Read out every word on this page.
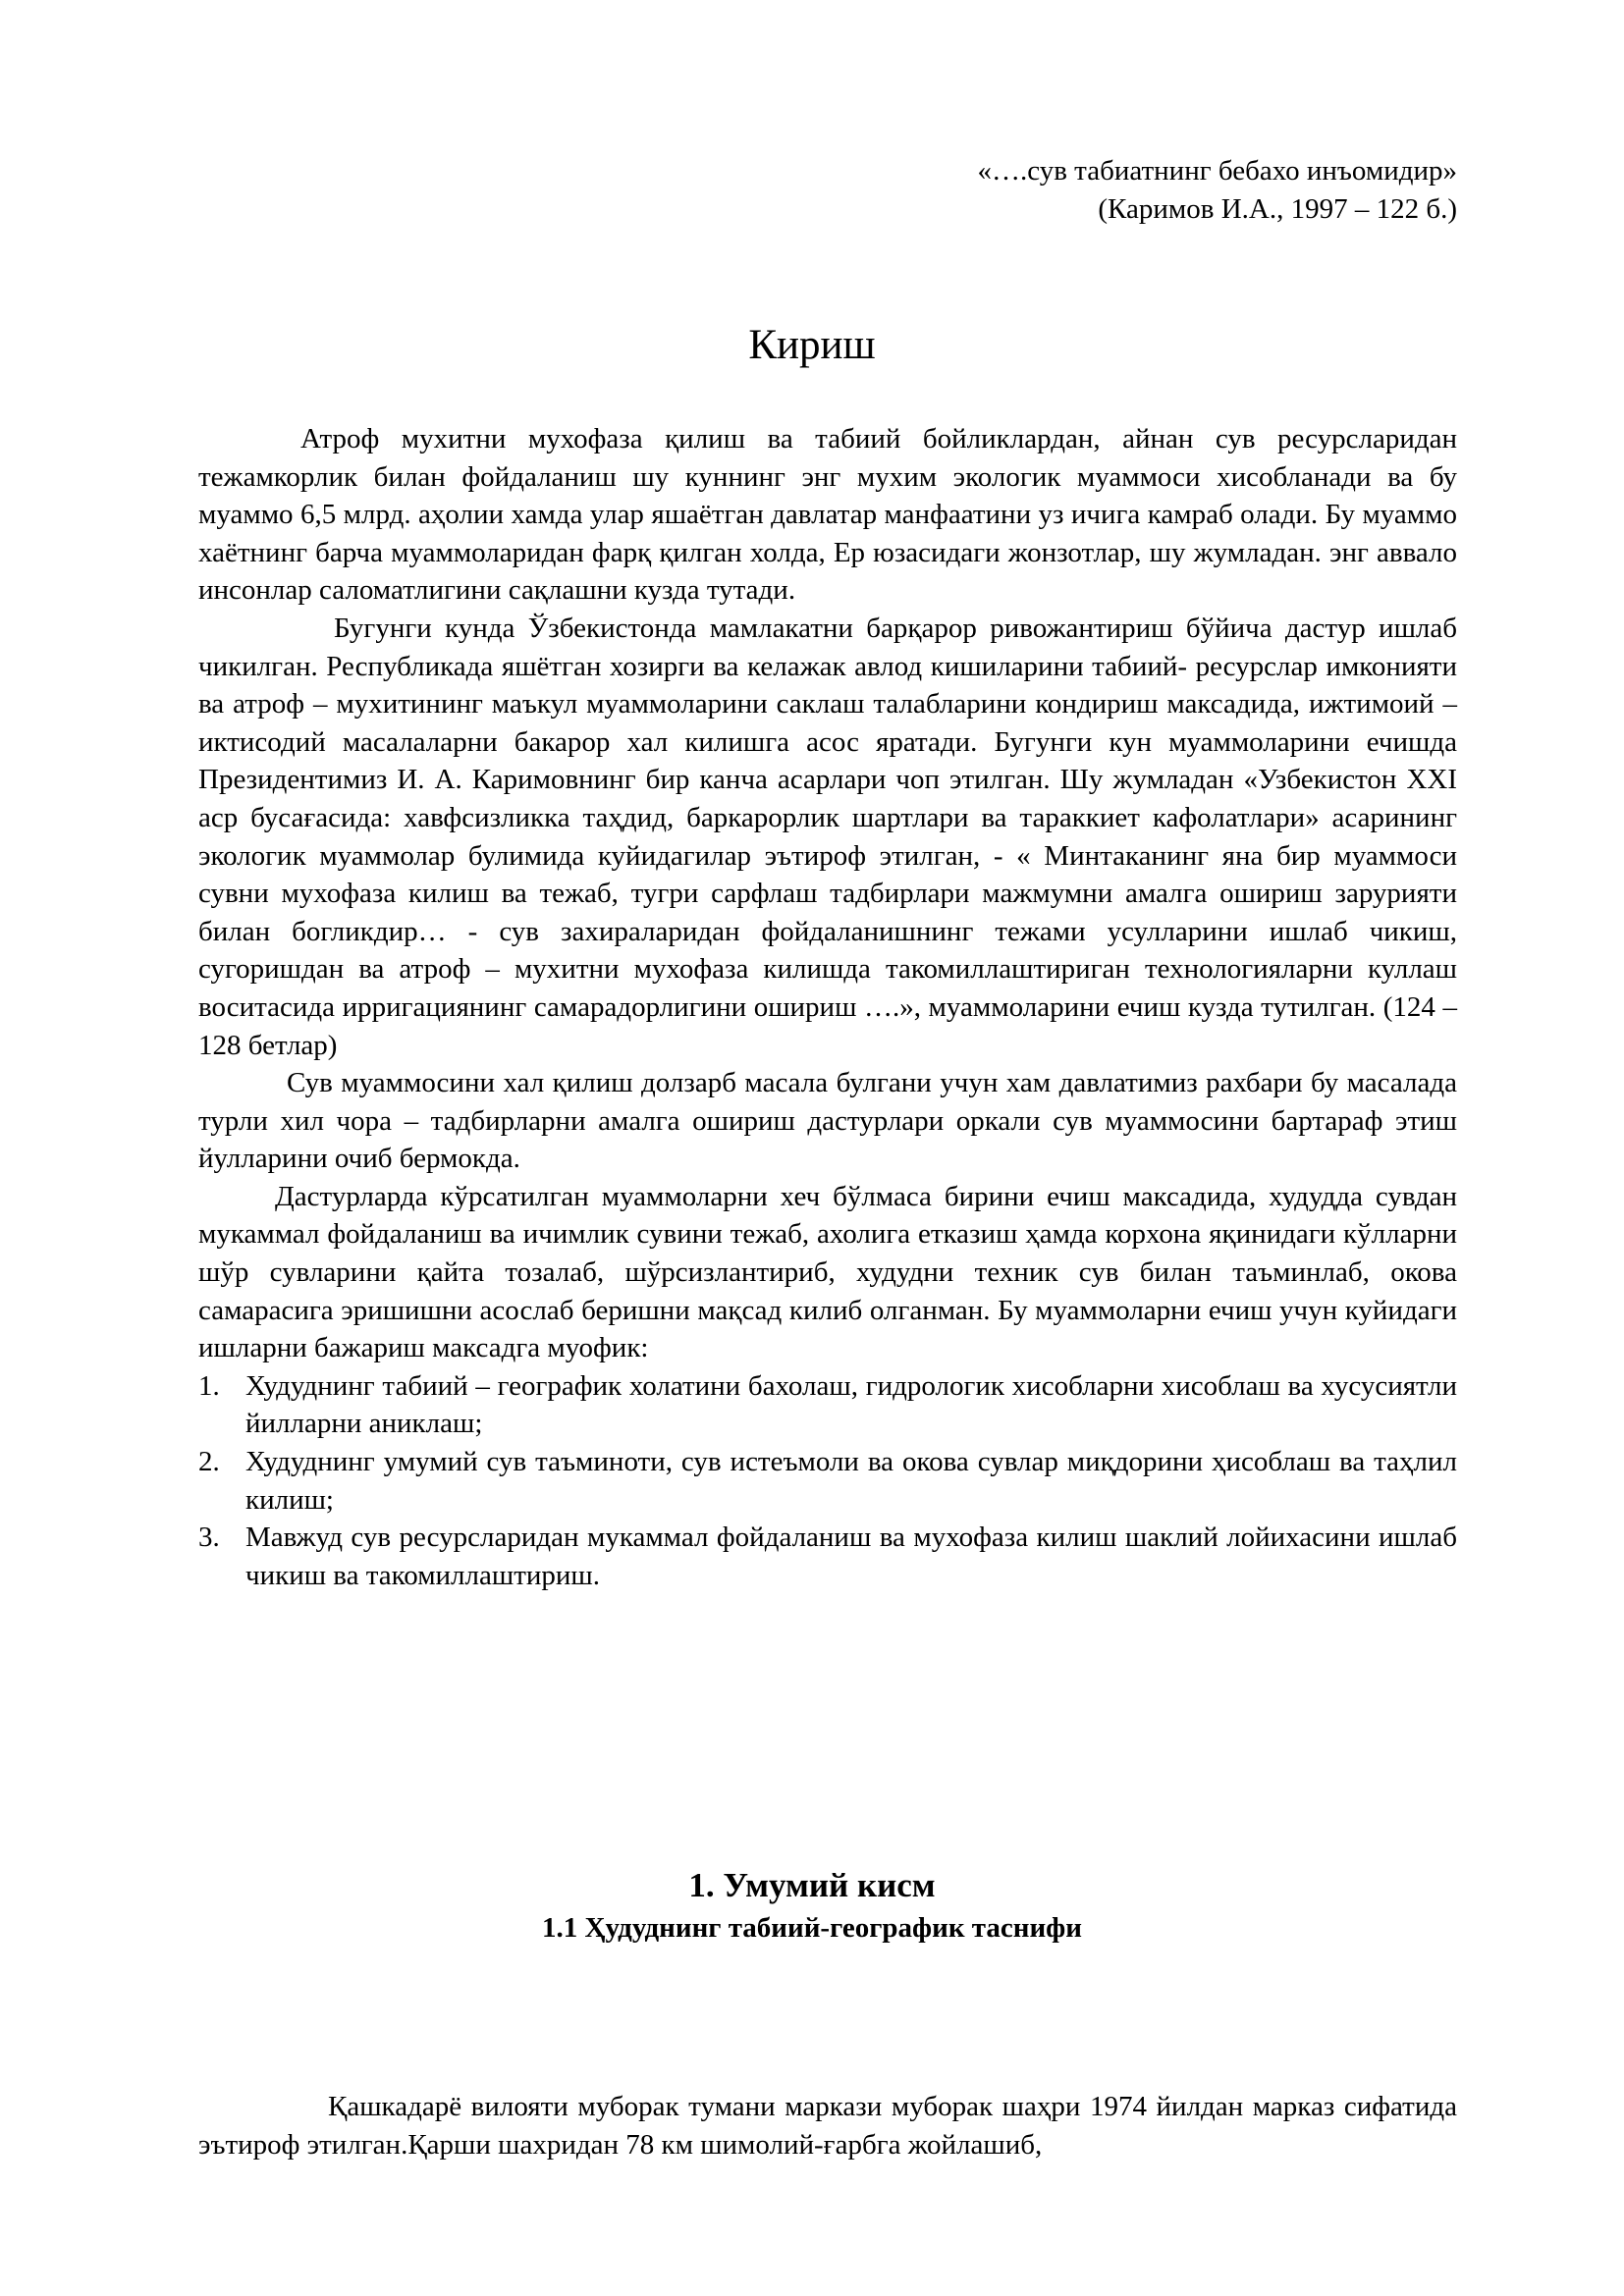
«….сув табиатнинг бебахо инъомидир»
(Каримов И.А., 1997 – 122 б.)
Кириш

Атроф мухитни мухофаза қилиш ва табиий бойликлардан, айнан сув ресурсларидан тежамкорлик билан фойдаланиш шу куннинг энг мухим экологик муаммоси хисобланади ва бу муаммо 6,5 млрд. аҳолии хамда улар яшаётган давлатар манфаатини уз ичига камраб олади. Бу муаммо хаётнинг барча муаммоларидан фарқ қилган холда, Ер юзасидаги жонзотлар, шу жумладан. энг аввало инсонлар саломатлигини сақлашни кузда тутади.

Бугунги кунда Ўзбекистонда мамлакатни барқарор ривожантириш бўйича дастур ишлаб чикилган. Республикада яшётган хозирги ва келажак авлод кишиларини табиий- ресурслар имконияти ва атроф – мухитининг маъкул муаммоларини саклаш талабларини кондириш максадида, ижтимоий – иктисодий масалаларни бакарор хал килишга асос яратади. Бугунги кун муаммоларини ечишда Президентимиз И. А. Каримовнинг бир канча асарлари чоп этилган. Шу жумладан «Узбекистон XXI аср бусағасида: хавфсизликка таҳдид, баркарорлик шартлари ва тараккиет кафолатлари» асарининг экологик муаммолар булимида куйидагилар эътироф этилган, - « Минтаканинг яна бир муаммоси сувни мухофаза килиш ва тежаб, тугри сарфлаш тадбирлари мажмумни амалга ошириш зарурияти билан богликдир… - сув захираларидан фойдаланишнинг тежами усулларини ишлаб чикиш, сугоришдан ва атроф – мухитни мухофаза килишда такомиллаштириган технологияларни куллаш воситасида ирригациянинг самарадорлигини ошириш ….», муаммоларини ечиш кузда тутилган. (124 – 128 бетлар)

Сув муаммосини хал қилиш долзарб масала булгани учун хам давлатимиз рахбари бу масалада турли хил чора – тадбирларни амалга ошириш дастурлари оркали сув муаммосини бартараф этиш йулларини очиб бермокда.

Дастурларда кўрсатилган муаммоларни хеч бўлмаса бирини ечиш максадида, худудда сувдан мукаммал фойдаланиш ва ичимлик сувини тежаб, ахолига етказиш ҳамда корхона яқинидаги кўлларни шўр сувларини қайта тозалаб, шўрсизлантириб, худудни техник сув билан таъминлаб, окова самарасига эришишни асослаб беришни мақсад килиб олганман. Бу муаммоларни ечиш учун куйидаги ишларни бажариш максадга муофик:

1. Худуднинг табиий – географик холатини бахолаш, гидрологик хисобларни хисоблаш ва хусусиятли йилларни аниклаш;
2. Худуднинг умумий сув таъминоти, сув истеъмоли ва окова сувлар миқдорини ҳисоблаш ва таҳлил килиш;
3. Мавжуд сув ресурсларидан мукаммал фойдаланиш ва мухофаза килиш шаклий лойихасини ишлаб чикиш ва такомиллаштириш.
1. Умумий кисм
1.1 Ҳудуднинг табиий-географик таснифи

Қашкадарё вилояти муборак тумани маркази муборак шаҳри 1974 йилдан марказ сифатида эътироф этилган.Қарши шахридан 78 км шимолий-ғарбга жойлашиб,
